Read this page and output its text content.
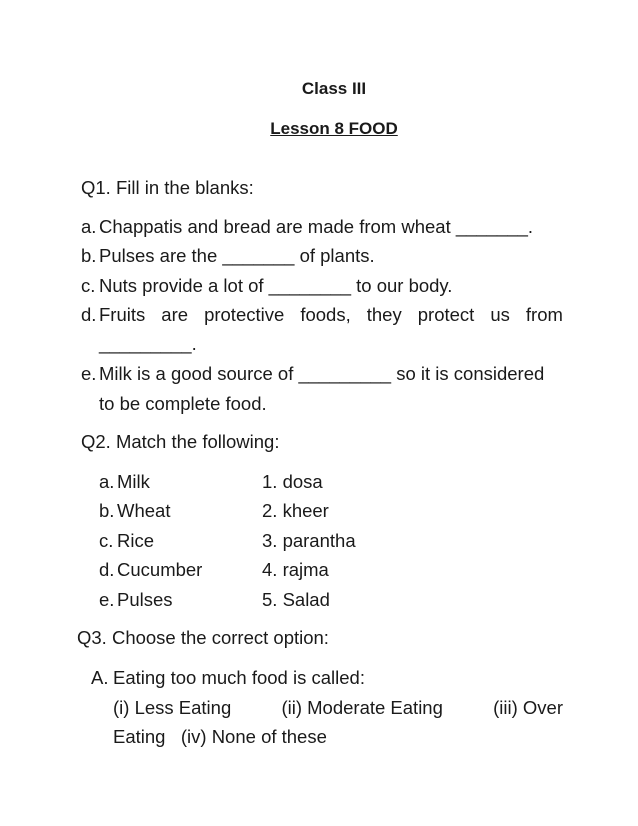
Class III
Lesson 8 FOOD
Q1. Fill in the blanks:
a. Chappatis and bread are made from wheat _______.
b. Pulses are the _______ of plants.
c. Nuts provide a lot of ________ to our body.
d. Fruits are protective foods, they protect us from
_________.
e. Milk is a good source of _________ so it is considered
to be complete food.
Q2. Match the following:
a. Milk
b. Wheat
c. Rice
d. Cucumber
e. Pulses
1. dosa
2. kheer
3. parantha
4. rajma
5. Salad
Q3. Choose the correct option:
A. Eating too much food is called:
(i) Less Eating	(ii) Moderate Eating	(iii) Over
Eating   (iv) None of these
